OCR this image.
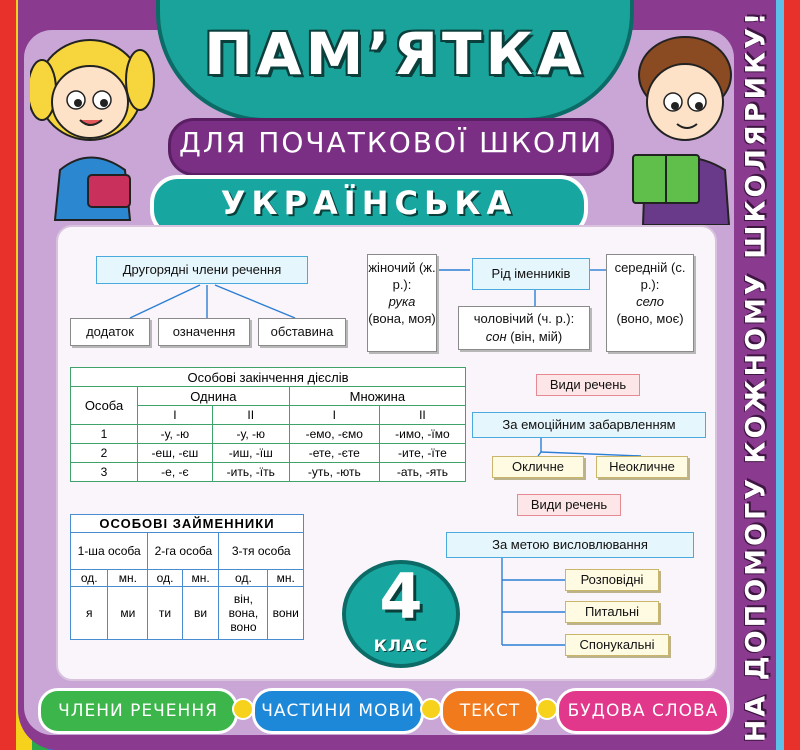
НА ДОПОМОГУ КОЖНОМУ ШКОЛЯРИКУ!
ПАМ’ЯТКА
ДЛЯ ПОЧАТКОВОЇ ШКОЛИ
УКРАЇНСЬКА
Другорядні члени речення
додаток	означення	обставина
жіночий (ж. р.):
рука
(вона, моя)
Рід іменників	середній (с. р.):
село
(воно, моє)
чоловічий (ч. р.):
сон (він, мій)
Особові закінчення дієслів				
Особа	Однина		Множина	
	I	II	I	II
1	-у, -ю	-у, -ю	-емо, -ємо	-имо, -їмо
2	-еш, -єш	-иш, -їш	-ете, -єте	-ите, -їте
3	-е, -є	-ить, -їть	-уть, -ють	-ать, -ять
Види речень
За емоційним забарвленням
Окличне	Неокличне
Види речень
За метою висловлювання
Розповідні
Питальні
Спонукальні
ОСОБОВІ ЗАЙМЕННИКИ					
1-ша особа		2-га особа		3-тя особа	
од.	мн.	од.	мн.	од.	мн.
я	ми	ти	ви	він, вона, воно	вони	4
КЛАС
ЧЛЕНИ РЕЧЕННЯ	ЧАСТИНИ МОВИ	ТЕКСТ	БУДОВА СЛОВА
